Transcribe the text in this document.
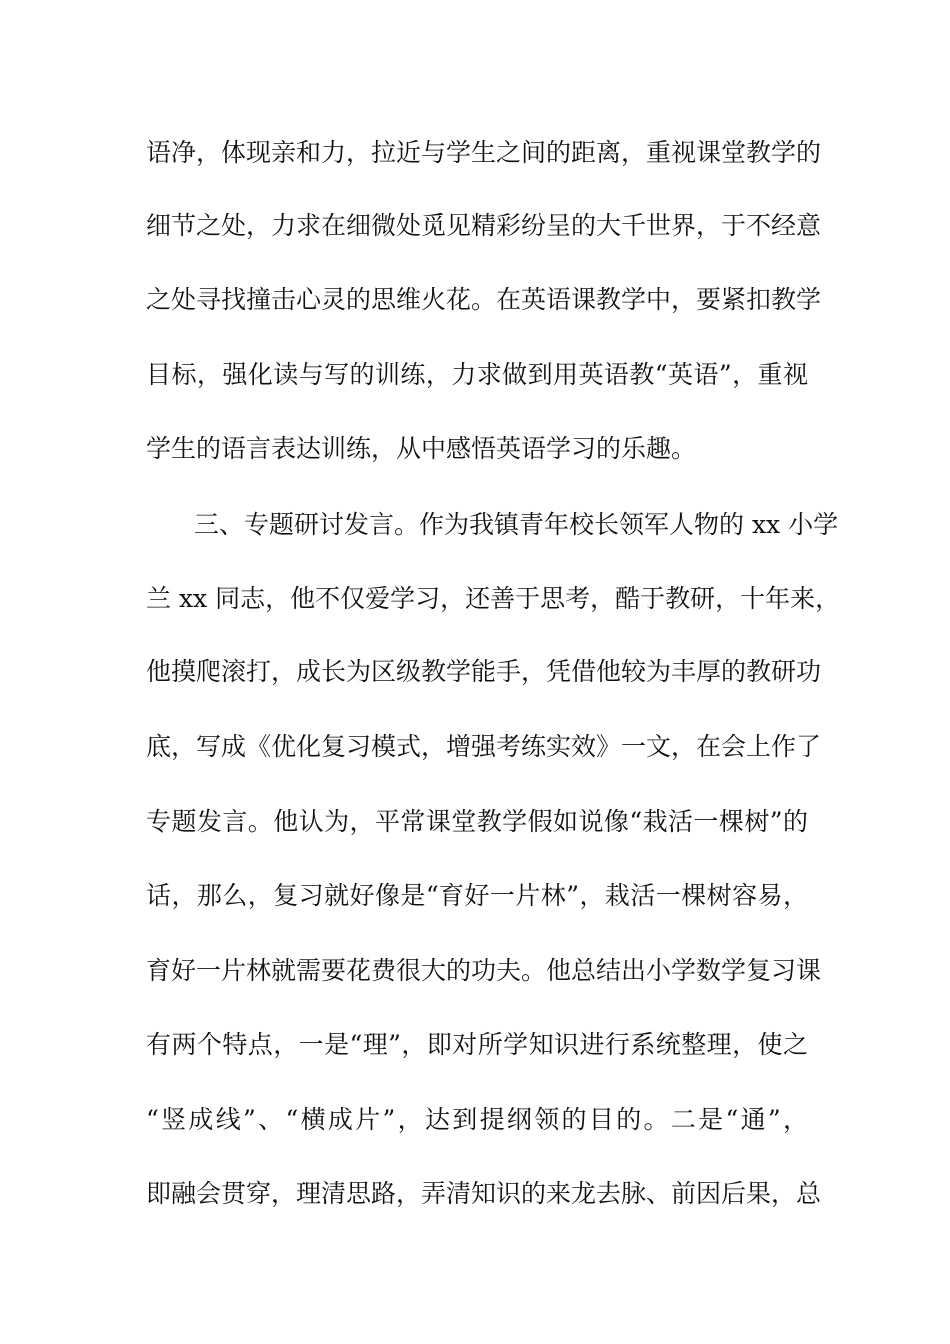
语净，体现亲和力，拉近与学生之间的距离，重视课堂教学的
细节之处，力求在细微处觅见精彩纷呈的大千世界，于不经意
之处寻找撞击心灵的思维火花。在英语课教学中，要紧扣教学
目标，强化读与写的训练，力求做到用英语教“英语”，重视
学生的语言表达训练，从中感悟英语学习的乐趣。
三、专题研讨发言。作为我镇青年校长领军人物的 xx 小学
兰 xx 同志，他不仅爱学习，还善于思考，酷于教研，十年来，
他摸爬滚打，成长为区级教学能手，凭借他较为丰厚的教研功
底，写成《优化复习模式，增强考练实效》一文，在会上作了
专题发言。他认为，平常课堂教学假如说像“栽活一棵树”的
话，那么，复习就好像是“育好一片林”，栽活一棵树容易，
育好一片林就需要花费很大的功夫。他总结出小学数学复习课
有两个特点，一是“理”，即对所学知识进行系统整理，使之
“竖成线”、“横成片”，达到提纲领的目的。二是“通”，
即融会贯穿，理清思路，弄清知识的来龙去脉、前因后果，总
